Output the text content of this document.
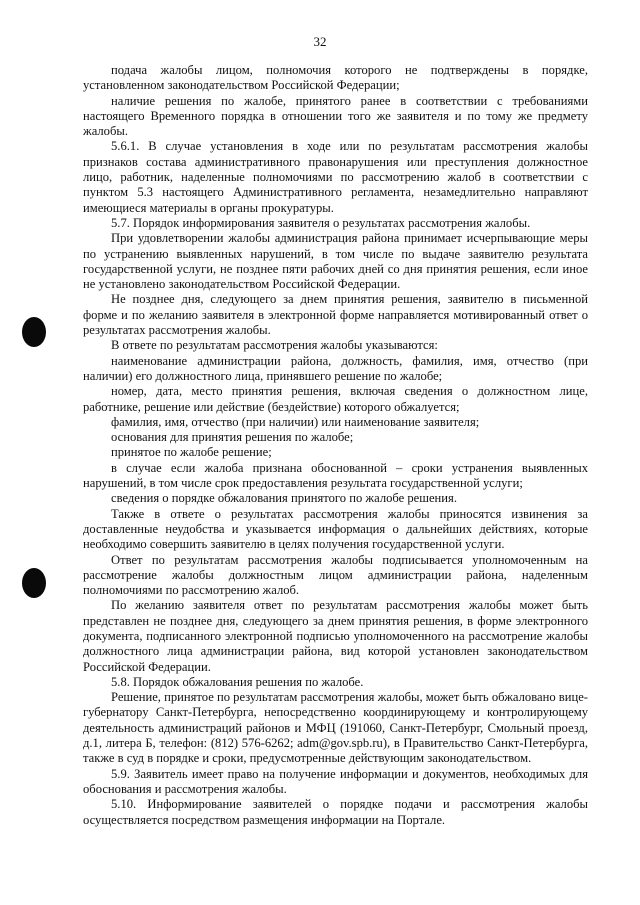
32

подача жалобы лицом, полномочия которого не подтверждены в порядке, установленном законодательством Российской Федерации;

наличие решения по жалобе, принятого ранее в соответствии с требованиями настоящего Временного порядка в отношении того же заявителя и по тому же предмету жалобы.

5.6.1. В случае установления в ходе или по результатам рассмотрения жалобы признаков состава административного правонарушения или преступления должностное лицо, работник, наделенные полномочиями по рассмотрению жалоб в соответствии с пунктом 5.3 настоящего Административного регламента, незамедлительно направляют имеющиеся материалы в органы прокуратуры.

5.7. Порядок информирования заявителя о результатах рассмотрения жалобы.

При удовлетворении жалобы администрация района принимает исчерпывающие меры по устранению выявленных нарушений, в том числе по выдаче заявителю результата государственной услуги, не позднее пяти рабочих дней со дня принятия решения, если иное не установлено законодательством Российской Федерации.

Не позднее дня, следующего за днем принятия решения, заявителю в письменной форме и по желанию заявителя в электронной форме направляется мотивированный ответ о результатах рассмотрения жалобы.

В ответе по результатам рассмотрения жалобы указываются:

наименование администрации района, должность, фамилия, имя, отчество (при наличии) его должностного лица, принявшего решение по жалобе;

номер, дата, место принятия решения, включая сведения о должностном лице, работнике, решение или действие (бездействие) которого обжалуется;

фамилия, имя, отчество (при наличии) или наименование заявителя;

основания для принятия решения по жалобе;

принятое по жалобе решение;

в случае если жалоба признана обоснованной – сроки устранения выявленных нарушений, в том числе срок предоставления результата государственной услуги;

сведения о порядке обжалования принятого по жалобе решения.

Также в ответе о результатах рассмотрения жалобы приносятся извинения за доставленные неудобства и указывается информация о дальнейших действиях, которые необходимо совершить заявителю в целях получения государственной услуги.

Ответ по результатам рассмотрения жалобы подписывается уполномоченным на рассмотрение жалобы должностным лицом администрации района, наделенным полномочиями по рассмотрению жалоб.

По желанию заявителя ответ по результатам рассмотрения жалобы может быть представлен не позднее дня, следующего за днем принятия решения, в форме электронного документа, подписанного электронной подписью уполномоченного на рассмотрение жалобы должностного лица администрации района, вид которой установлен законодательством Российской Федерации.

5.8. Порядок обжалования решения по жалобе.

Решение, принятое по результатам рассмотрения жалобы, может быть обжаловано вице-губернатору Санкт-Петербурга, непосредственно координирующему и контролирующему деятельность администраций районов и МФЦ (191060, Санкт-Петербург, Смольный проезд, д.1, литера Б, телефон: (812) 576-6262; adm@gov.spb.ru), в Правительство Санкт-Петербурга, также в суд в порядке и сроки, предусмотренные действующим законодательством.

5.9. Заявитель имеет право на получение информации и документов, необходимых для обоснования и рассмотрения жалобы.

5.10. Информирование заявителей о порядке подачи и рассмотрения жалобы осуществляется посредством размещения информации на Портале.
